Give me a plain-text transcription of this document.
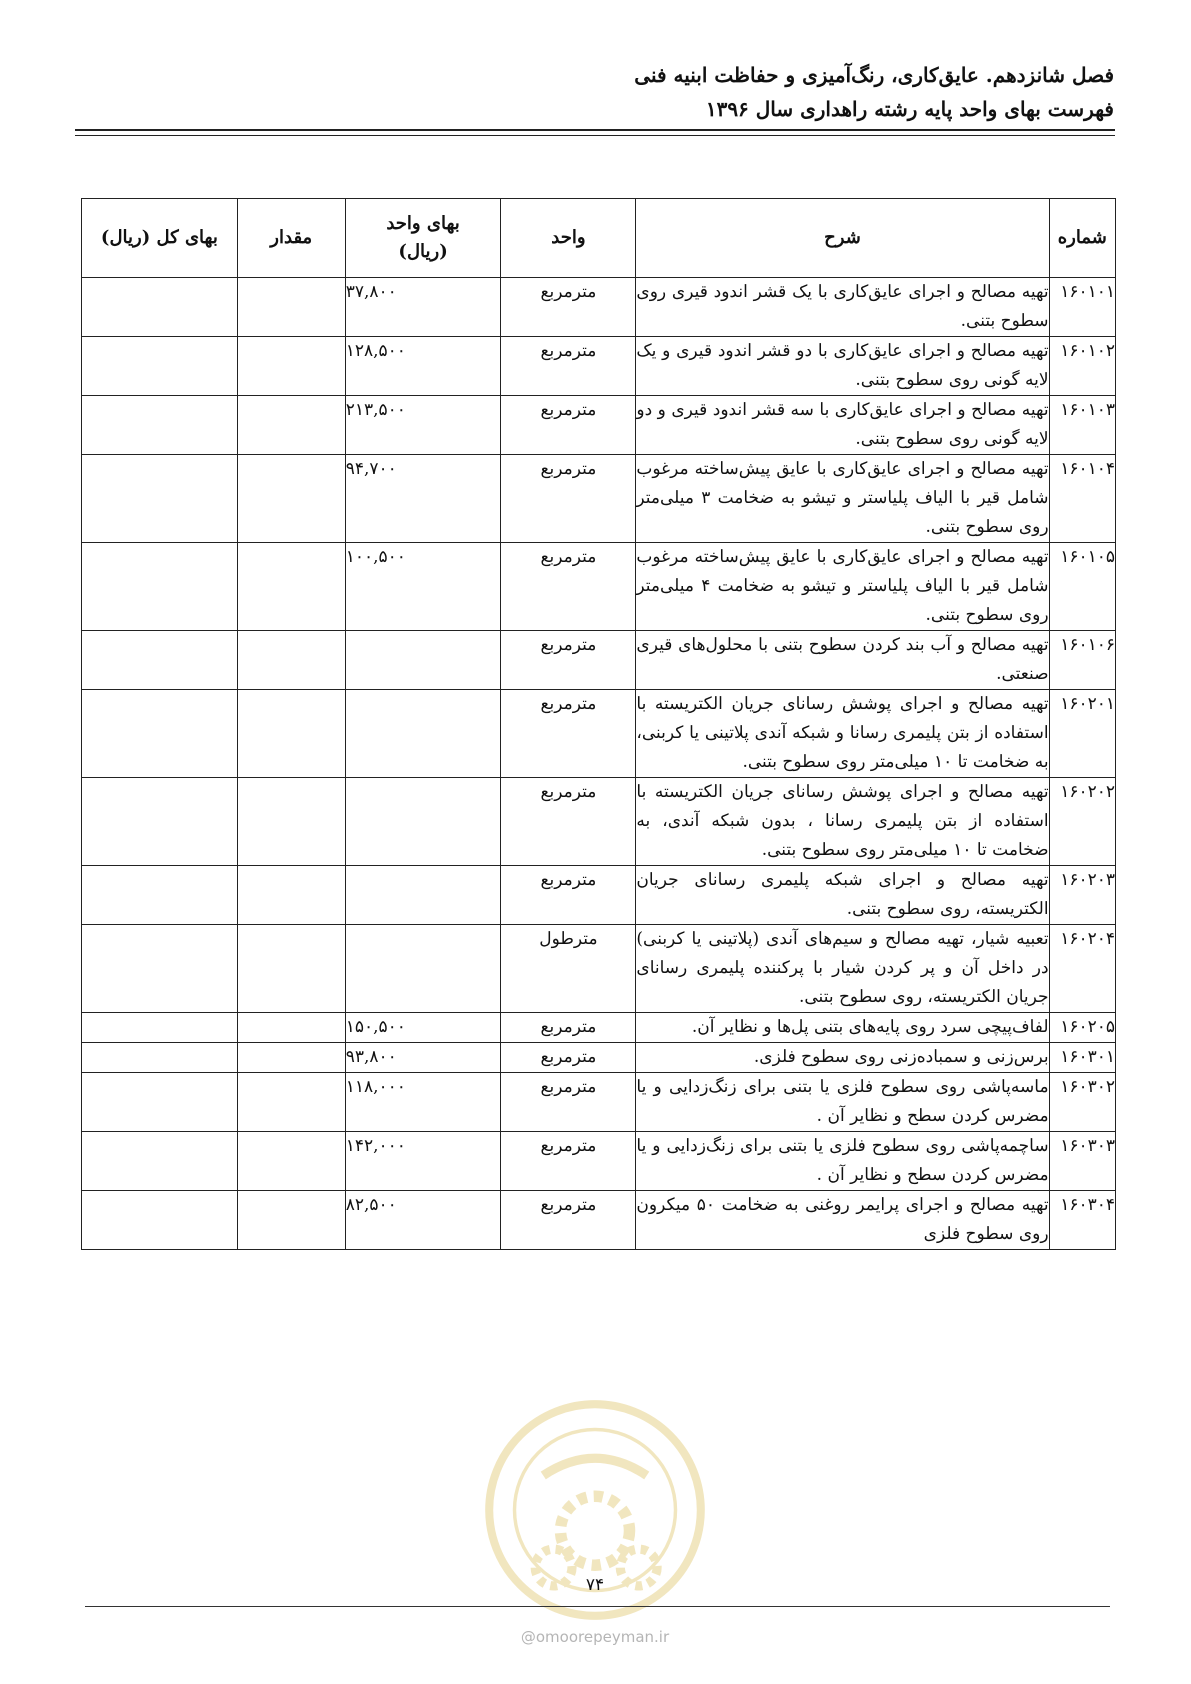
فصل شانزدهم. عایق‌کاری، رنگ‌آمیزی و حفاظت ابنیه فنی
فهرست بهای واحد پایه رشته راهداری سال ۱۳۹۶
شماره	شرح	واحد	بهای واحد (ریال)	مقدار	بهای کل (ریال)
۱۶۰۱۰۱	تهیه مصالح و اجرای عایق‌کاری با یک قشر اندود قیری روی سطوح بتنی.	مترمربع	۳۷,۸۰۰		
۱۶۰۱۰۲	تهیه مصالح و اجرای عایق‌کاری با دو قشر اندود قیری و یک لایه گونی روی سطوح بتنی.	مترمربع	۱۲۸,۵۰۰		
۱۶۰۱۰۳	تهیه مصالح و اجرای عایق‌کاری با سه قشر اندود قیری و دو لایه گونی روی سطوح بتنی.	مترمربع	۲۱۳,۵۰۰		
۱۶۰۱۰۴	تهیه مصالح و اجرای عایق‌کاری با عایق پیش‌ساخته مرغوب شامل قیر با الیاف پلیاستر و تیشو به ضخامت ۳ میلی‌متر روی سطوح بتنی.	مترمربع	۹۴,۷۰۰		
۱۶۰۱۰۵	تهیه مصالح و اجرای عایق‌کاری با عایق پیش‌ساخته مرغوب شامل قیر با الیاف پلیاستر و تیشو به ضخامت ۴ میلی‌متر روی سطوح بتنی.	مترمربع	۱۰۰,۵۰۰		
۱۶۰۱۰۶	تهیه مصالح و آب بند کردن سطوح بتنی با محلول‌های قیری صنعتی.	مترمربع			
۱۶۰۲۰۱	تهیه مصالح و اجرای پوشش رسانای جریان الکتریسته با استفاده از بتن پلیمری رسانا و شبکه آندی پلاتینی یا کربنی، به ضخامت تا ۱۰ میلی‌متر روی سطوح بتنی.	مترمربع			
۱۶۰۲۰۲	تهیه مصالح و اجرای پوشش رسانای جریان الکتریسته با استفاده از بتن پلیمری رسانا ، بدون شبکه آندی، به ضخامت تا ۱۰ میلی‌متر روی سطوح بتنی.	مترمربع			
۱۶۰۲۰۳	تهیه مصالح و اجرای شبکه پلیمری رسانای جریان الکتریسته، روی سطوح بتنی.	مترمربع			
۱۶۰۲۰۴	تعبیه شیار، تهیه مصالح و سیم‌های آندی (پلاتینی یا کربنی) در داخل آن و پر کردن شیار با پرکننده پلیمری رسانای جریان الکتریسته، روی سطوح بتنی.	مترطول			
۱۶۰۲۰۵	لفاف‌پیچی سرد روی پایه‌های بتنی پل‌ها و نظایر آن.	مترمربع	۱۵۰,۵۰۰		
۱۶۰۳۰۱	برس‌زنی و سمباده‌زنی روی سطوح فلزی.	مترمربع	۹۳,۸۰۰		
۱۶۰۳۰۲	ماسه‌پاشی روی سطوح فلزی یا بتنی برای زنگ‌زدایی و یا مضرس کردن سطح و نظایر آن .	مترمربع	۱۱۸,۰۰۰		
۱۶۰۳۰۳	ساچمه‌پاشی روی سطوح فلزی یا بتنی برای زنگ‌زدایی و یا مضرس کردن سطح و نظایر آن .	مترمربع	۱۴۲,۰۰۰		
۱۶۰۳۰۴	تهیه مصالح و اجرای پرایمر روغنی به ضخامت ۵۰ میکرون روی سطوح فلزی	مترمربع	۸۲,۵۰۰		
۷۴
@omoorepeyman.ir
